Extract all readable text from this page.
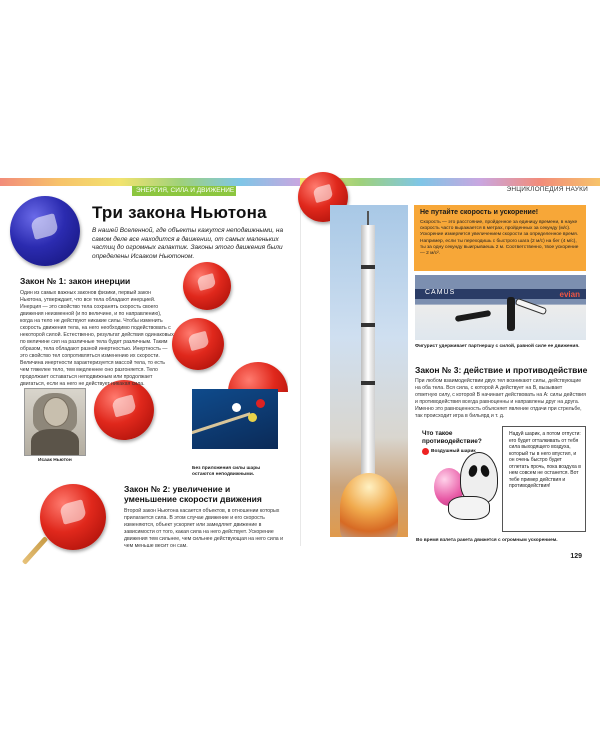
ЭНЕРГИЯ, СИЛА И ДВИЖЕНИЕ	ЭНЦИКЛОПЕДИЯ НАУКИ
Три закона Ньютона
В нашей Вселенной, где объекты кажутся неподвижными, на самом деле все находится в движении, от самых маленьких частиц до огромных галактик. Законы этого движения были определены Исааком Ньютоном.
Закон № 1: закон инерции
Один из самых важных законов физики, первый закон Ньютона, утверждает, что все тела обладают инерцией. Инерция — это свойство тела сохранять скорость своего движения неизменной (и по величине, и по направлению), когда на тело не действуют никакие силы. Чтобы изменить скорость движения тела, на него необходимо подействовать с некоторой силой. Естественно, результат действия одинаковых по величине сил на различные тела будет различным. Таким образом, тела обладают разной инертностью. Инертность — это свойство тел сопротивляться изменению их скорости. Величина инертности характеризуется массой тела, то есть чем тяжелее тело, тем медленнее оно разгоняется. Тело продолжает оставаться неподвижным или продолжает двигаться, если на него не действует никакая сила.
Исаак Ньютон
Без приложения силы шары остаются неподвижными.
Закон № 2: увеличение и уменьшение скорости движения
Второй закон Ньютона касается объектов, в отношении которых прилагается сила. В этом случае движение и его скорость изменяются, объект ускоряет или замедляет движение в зависимости от того, какая сила на него действует. Ускорение движения тем сильнее, чем сильнее действующая на него сила и чем меньше весит он сам.
Не путайте скорость и ускорение!
Скорость — это расстояние, пройденное за единицу времени, в науке скорость часто выражается в метрах, пройденных за секунду (м/с). Ускорение измеряется увеличением скорости за определенное время. Например, если ты переходишь с быстрого шага (2 м/с) на бег (4 м/с), ты за одну секунду выигрываешь 2 м. Соответственно, твое ускорение — 2 м/с².
CAMUS	evian
Фигурист удерживает партнершу с силой, равной силе ее движения.
Закон № 3: действие и противодействие
При любом взаимодействии двух тел возникают силы, действующие на оба тела. Вся сила, с которой А действует на В, вызывает ответную силу, с которой В начинает действовать на А: силы действия и противодействия всегда равноценны и направлены друг на друга. Именно это равноценность объясняет явление отдачи при стрельбе, так происходит игра в бильярд и т. д.
Что такое противодействие?
Воздушный шарик
Надуй шарик, а потом отпусти: его будет отталкивать от тебя сила выходящего воздуха, который ты в него впустил, и он очень быстро будет отлетать прочь, пока воздуха в нем совсем не останется. Вот тебе пример действия и противодействия!
Во время взлета ракета движется с огромным ускорением.
129
